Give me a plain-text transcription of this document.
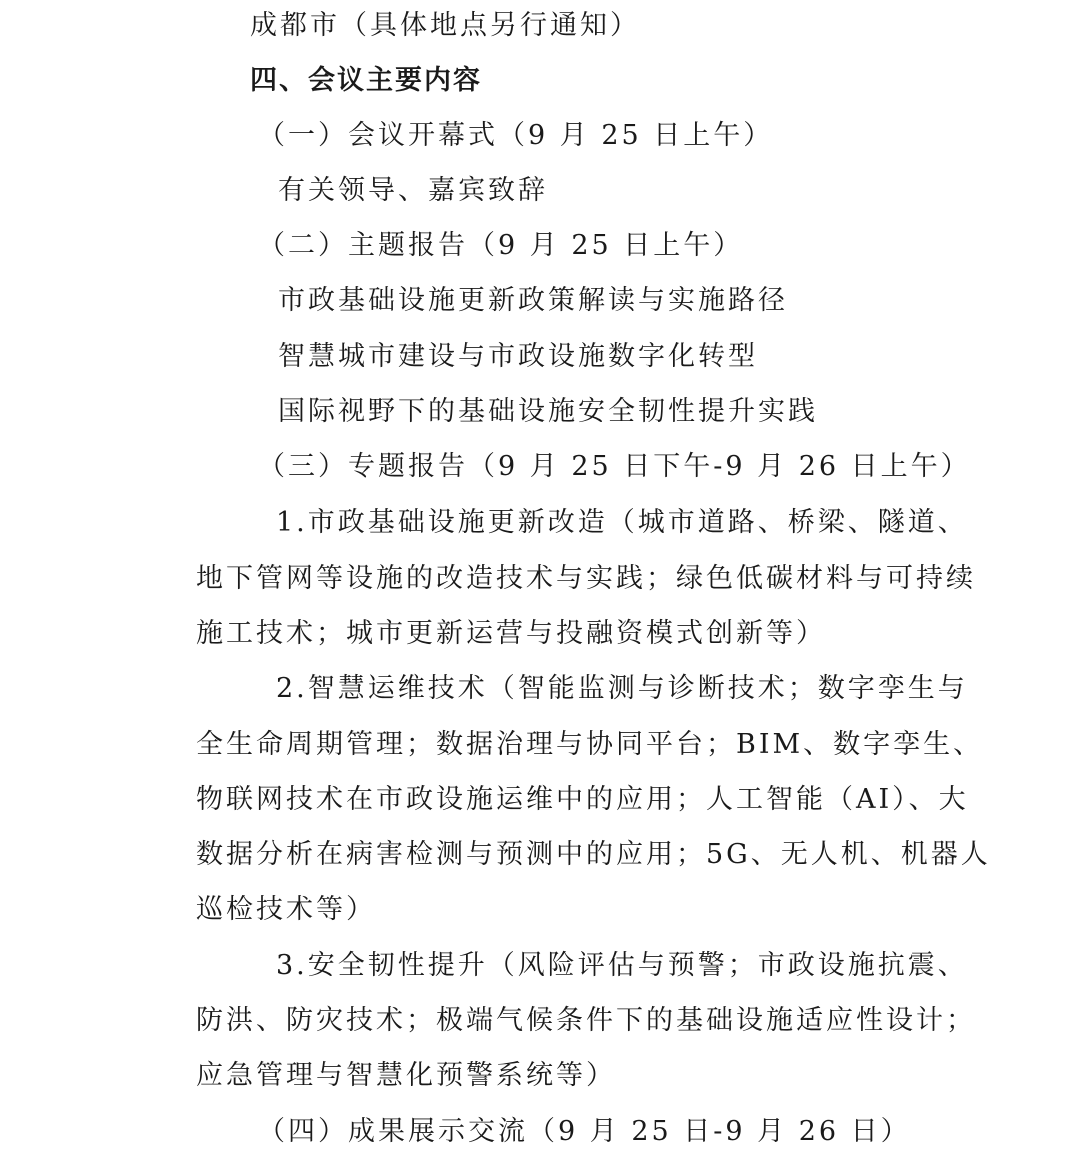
成都市（具体地点另行通知）
四、会议主要内容
（一）会议开幕式（9 月 25 日上午）
有关领导、嘉宾致辞
（二）主题报告（9 月 25 日上午）
市政基础设施更新政策解读与实施路径
智慧城市建设与市政设施数字化转型
国际视野下的基础设施安全韧性提升实践
（三）专题报告（9 月 25 日下午-9 月 26 日上午）
1.市政基础设施更新改造（城市道路、桥梁、隧道、
地下管网等设施的改造技术与实践；绿色低碳材料与可持续
施工技术；城市更新运营与投融资模式创新等）
2.智慧运维技术（智能监测与诊断技术；数字孪生与
全生命周期管理；数据治理与协同平台；BIM、数字孪生、
物联网技术在市政设施运维中的应用；人工智能（AI）、大
数据分析在病害检测与预测中的应用；5G、无人机、机器人
巡检技术等）
3.安全韧性提升（风险评估与预警；市政设施抗震、
防洪、防灾技术；极端气候条件下的基础设施适应性设计；
应急管理与智慧化预警系统等）
（四）成果展示交流（9 月 25 日-9 月 26 日）
